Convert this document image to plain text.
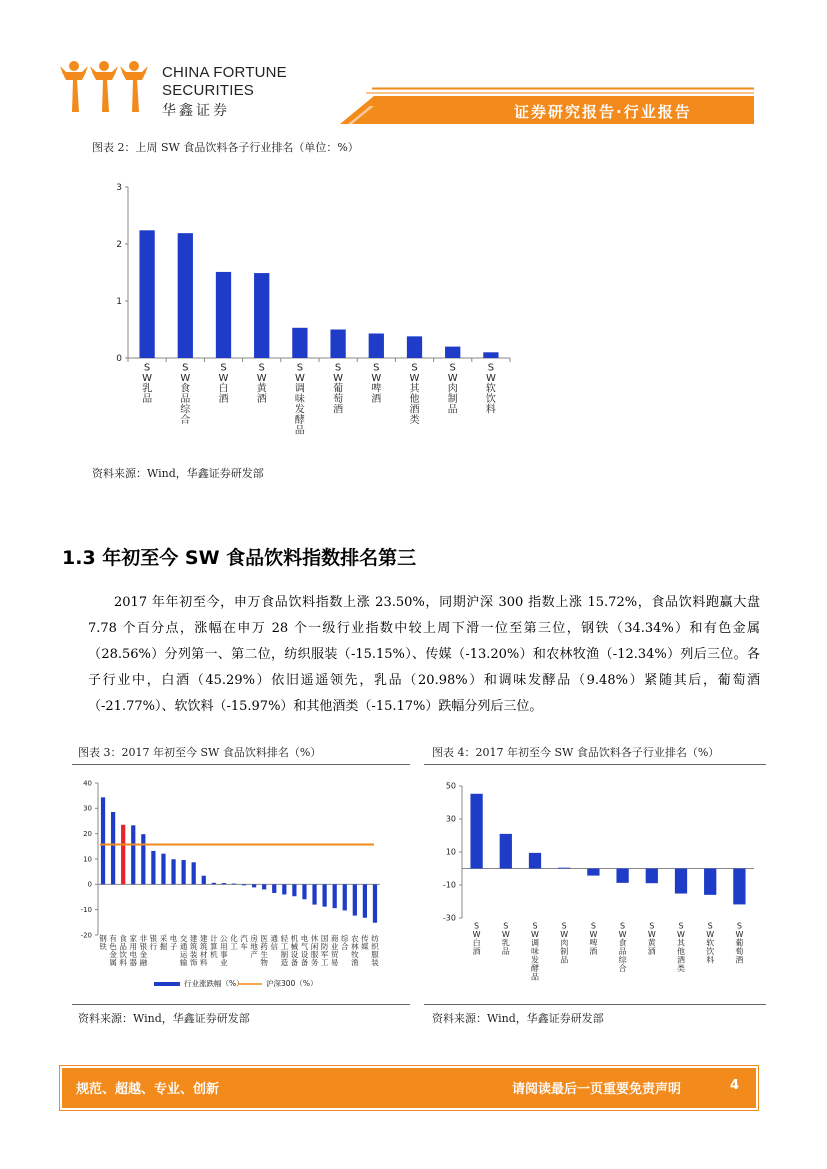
CHINA FORTUNE
SECURITIES
华鑫证券	证券研究报告·行业报告
图表 2：上周 SW 食品饮料各子行业排名（单位：%）
0
1
2
3
S W 乳品
S W 食品综合
S W 白酒
S W 黄酒
S W 调味发酵品
S W 葡萄酒
S W 啤酒
S W 其他酒类
S W 肉制品
S W 软饮料
资料来源：Wind，华鑫证券研发部
1.3 年初至今 SW 食品饮料指数排名第三
2017 年年初至今，申万食品饮料指数上涨 23.50%，同期沪深 300 指数上涨 15.72%，食品饮料跑赢大盘 7.78 个百分点，涨幅在申万 28 个一级行业指数中较上周下滑一位至第三位，钢铁（34.34%）和有色金属（28.56%）分列第一、第二位，纺织服装（-15.15%）、传媒（-13.20%）和农林牧渔（-12.34%）列后三位。各子行业中，白酒（45.29%）依旧遥遥领先，乳品（20.98%）和调味发酵品（9.48%）紧随其后，葡萄酒（-21.77%）、软饮料（-15.97%）和其他酒类（-15.17%）跌幅分列后三位。
图表 3：2017 年初至今 SW 食品饮料排名（%）
40
30
20
10
0
-10
-20 钢铁
有色金属
食品饮料
家用电器
非银金融
银行
采掘
电子
交通运输
建筑装饰
建筑材料
计算机
公用事业
化工
汽车
房地产
医药生物
通信
轻工制造
机械设备
电气设备
休闲服务
国防军工
商业贸易
综合
农林牧渔
传媒
纺织服装
行业涨跌幅（%）	沪深300（%）
资料来源：Wind，华鑫证券研发部
图表 4：2017 年初至今 SW 食品饮料各子行业排名（%）
50
30
10
-10
-30
S W 白酒
S W 乳品
S W 调味发酵品
S W 肉制品
S W 啤酒
S W 食品综合
S W 黄酒
S W 其他酒类
S W 软饮料
S W 葡萄酒
资料来源：Wind，华鑫证券研发部
规范、超越、专业、创新	请阅读最后一页重要免责声明	4
